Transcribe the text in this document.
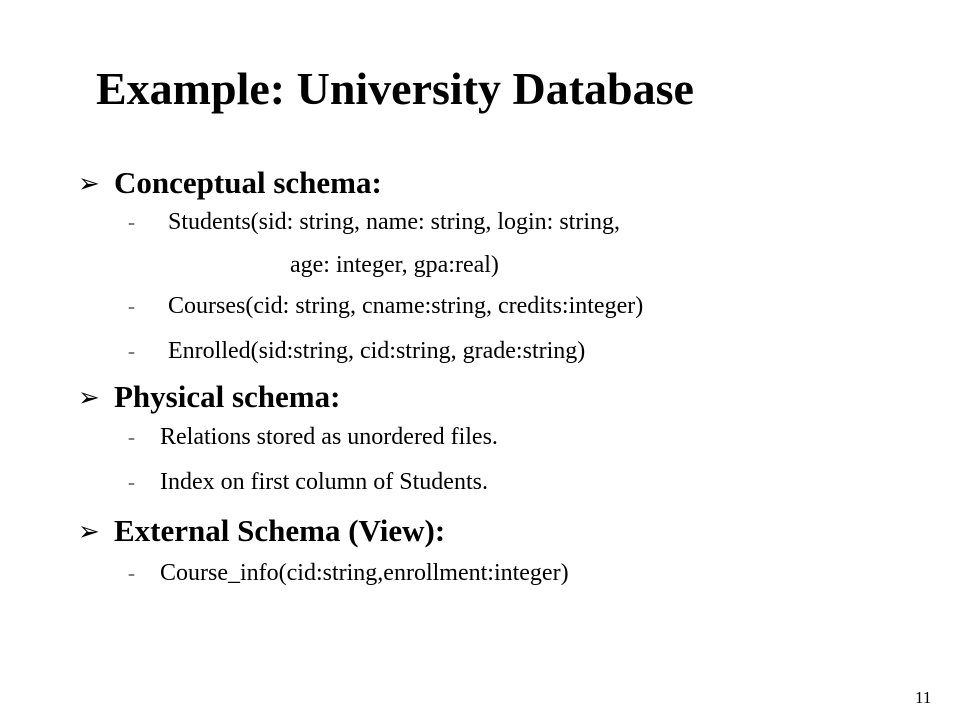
Example: University Database
➢ Conceptual schema:
– Students(sid: string, name: string, login: string,
age: integer, gpa:real)
– Courses(cid: string, cname:string, credits:integer)
– Enrolled(sid:string, cid:string, grade:string)
➢ Physical schema:
– Relations stored as unordered files.
– Index on first column of Students.
➢ External Schema (View):
– Course_info(cid:string,enrollment:integer)
11
